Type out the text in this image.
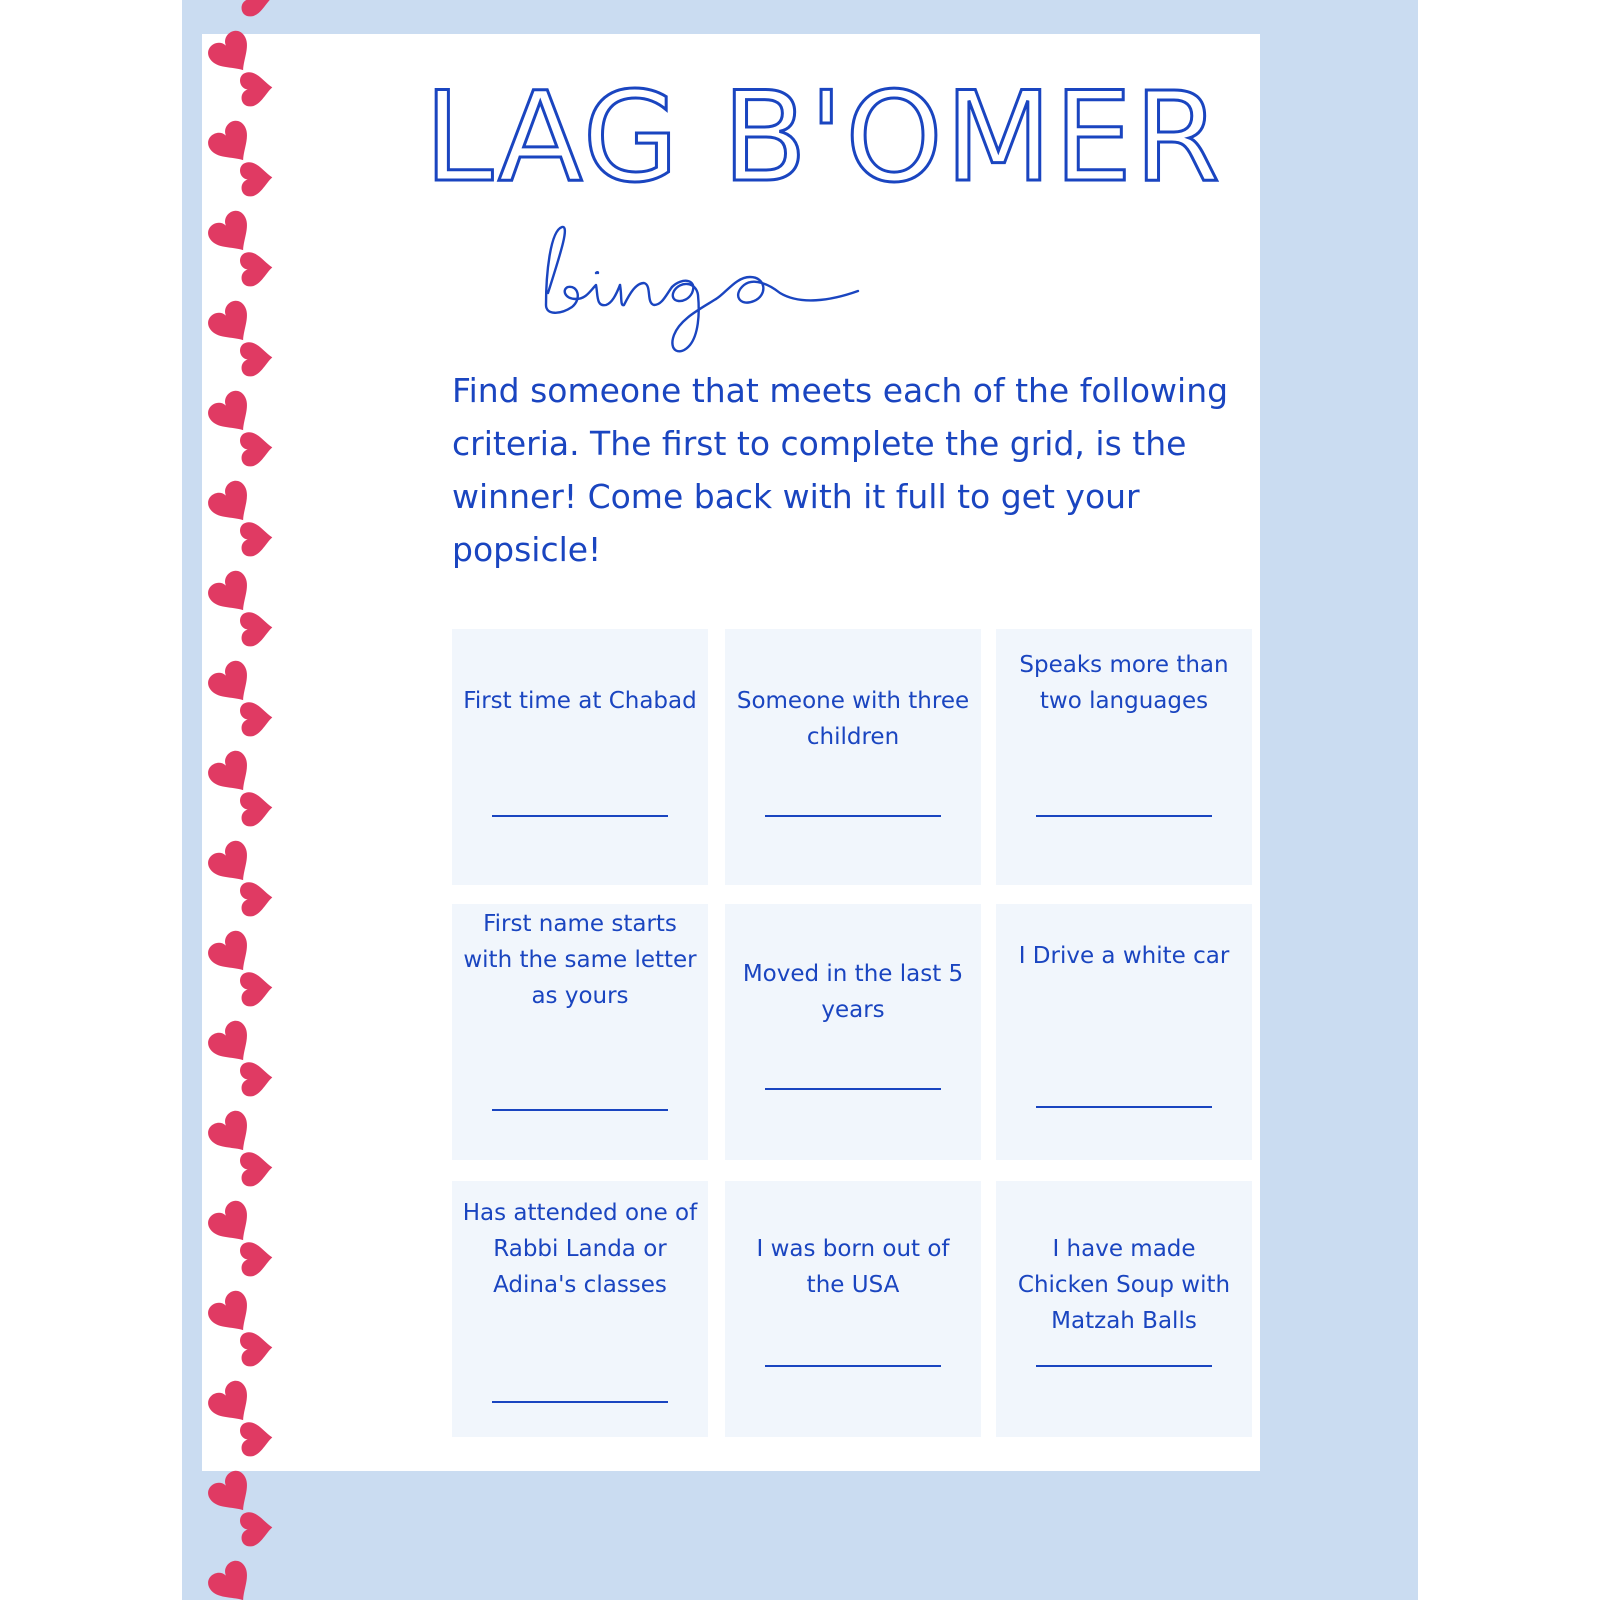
LAG B'OMER

Find someone that meets each of the following criteria. The first to complete the grid, is the winner! Come back with it full to get your popsicle!

First time at Chabad Someone with three children
Speaks more than two languages
First name starts with the same letter as yours
Moved in the last 5 years
I Drive a white car
Has attended one of Rabbi Landa or Adina's classes
I was born out of the USA
I have made Chicken Soup with Matzah Balls
